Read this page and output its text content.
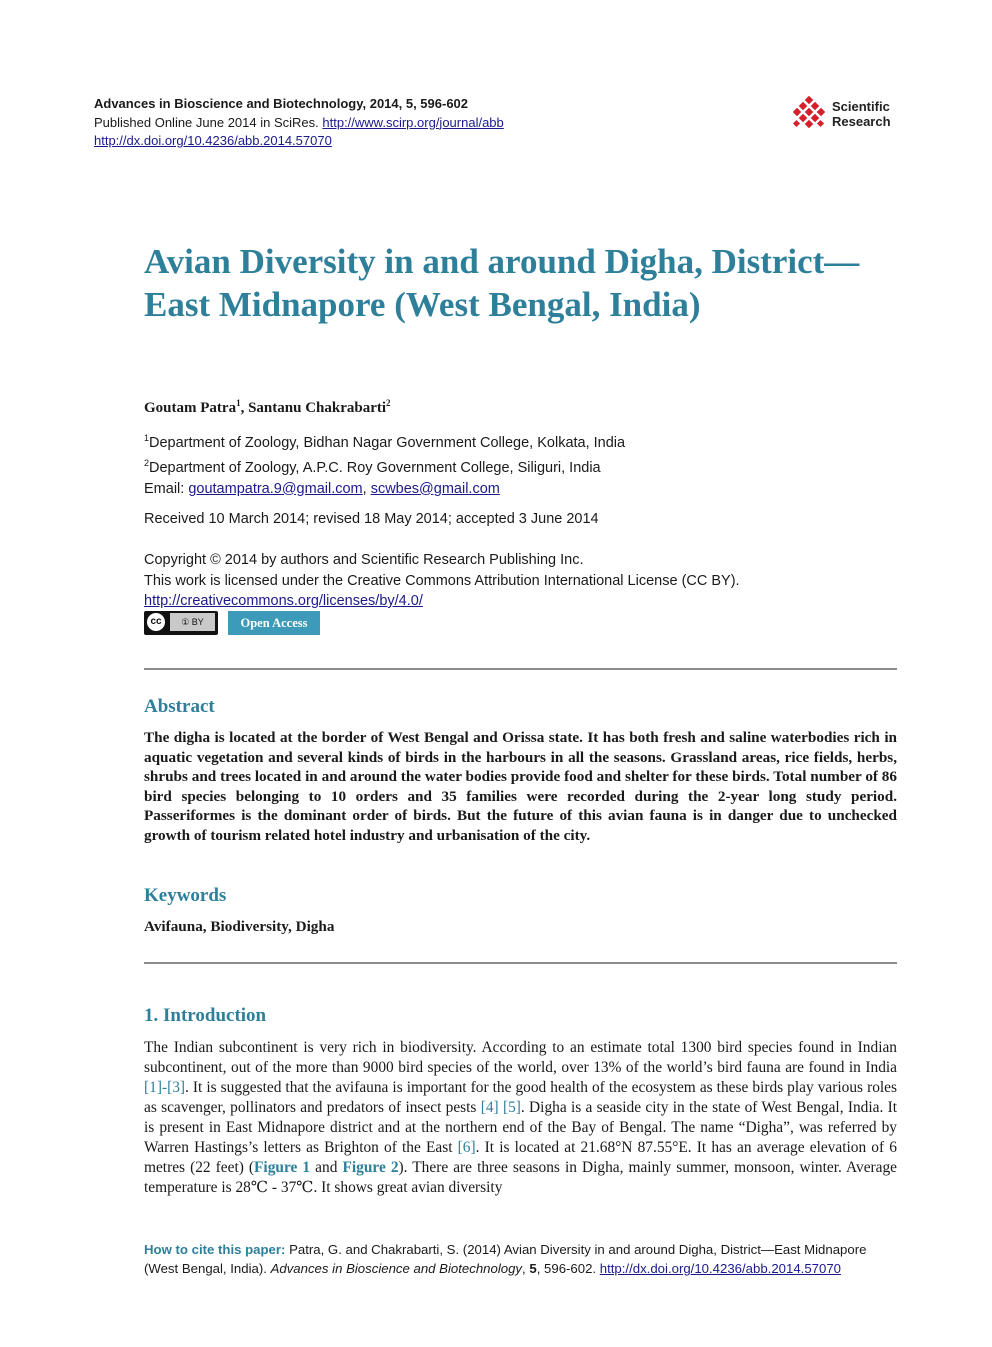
Advances in Bioscience and Biotechnology, 2014, 5, 596-602
Published Online June 2014 in SciRes. http://www.scirp.org/journal/abb
http://dx.doi.org/10.4236/abb.2014.57070
Scientific
Research
Avian Diversity in and around Digha, District—East Midnapore (West Bengal, India)
Goutam Patra$^1$, Santanu Chakrabarti$^2$
$^1$Department of Zoology, Bidhan Nagar Government College, Kolkata, India
$^2$Department of Zoology, A.P.C. Roy Government College, Siliguri, India
Email: goutampatra.9@gmail.com, scwbes@gmail.com
Received 10 March 2014; revised 18 May 2014; accepted 3 June 2014
Copyright © 2014 by authors and Scientific Research Publishing Inc.
This work is licensed under the Creative Commons Attribution International License (CC BY).
http://creativecommons.org/licenses/by/4.0/
cc	① BY	Open Access
Abstract

The digha is located at the border of West Bengal and Orissa state. It has both fresh and saline waterbodies rich in aquatic vegetation and several kinds of birds in the harbours in all the seasons. Grassland areas, rice fields, herbs, shrubs and trees located in and around the water bodies provide food and shelter for these birds. Total number of 86 bird species belonging to 10 orders and 35 families were recorded during the 2-year long study period. Passeriformes is the dominant order of birds. But the future of this avian fauna is in danger due to unchecked growth of tourism related hotel industry and urbanisation of the city.

Keywords

Avifauna, Biodiversity, Digha

1. Introduction

The Indian subcontinent is very rich in biodiversity. According to an estimate total 1300 bird species found in Indian subcontinent, out of the more than 9000 bird species of the world, over 13% of the world’s bird fauna are found in India [1]-[3]. It is suggested that the avifauna is important for the good health of the ecosystem as these birds play various roles as scavenger, pollinators and predators of insect pests [4] [5]. Digha is a seaside city in the state of West Bengal, India. It is present in East Midnapore district and at the northern end of the Bay of Bengal. The name “Digha”, was referred by Warren Hastings’s letters as Brighton of the East [6]. It is located at 21.68°N 87.55°E. It has an average elevation of 6 metres (22 feet) (Figure 1 and Figure 2). There are three seasons in Digha, mainly summer, monsoon, winter. Average temperature is 28℃ - 37℃. It shows great avian diversity

How to cite this paper: Patra, G. and Chakrabarti, S. (2014) Avian Diversity in and around Digha, District—East Midnapore (West Bengal, India). Advances in Bioscience and Biotechnology, 5, 596-602. http://dx.doi.org/10.4236/abb.2014.57070
